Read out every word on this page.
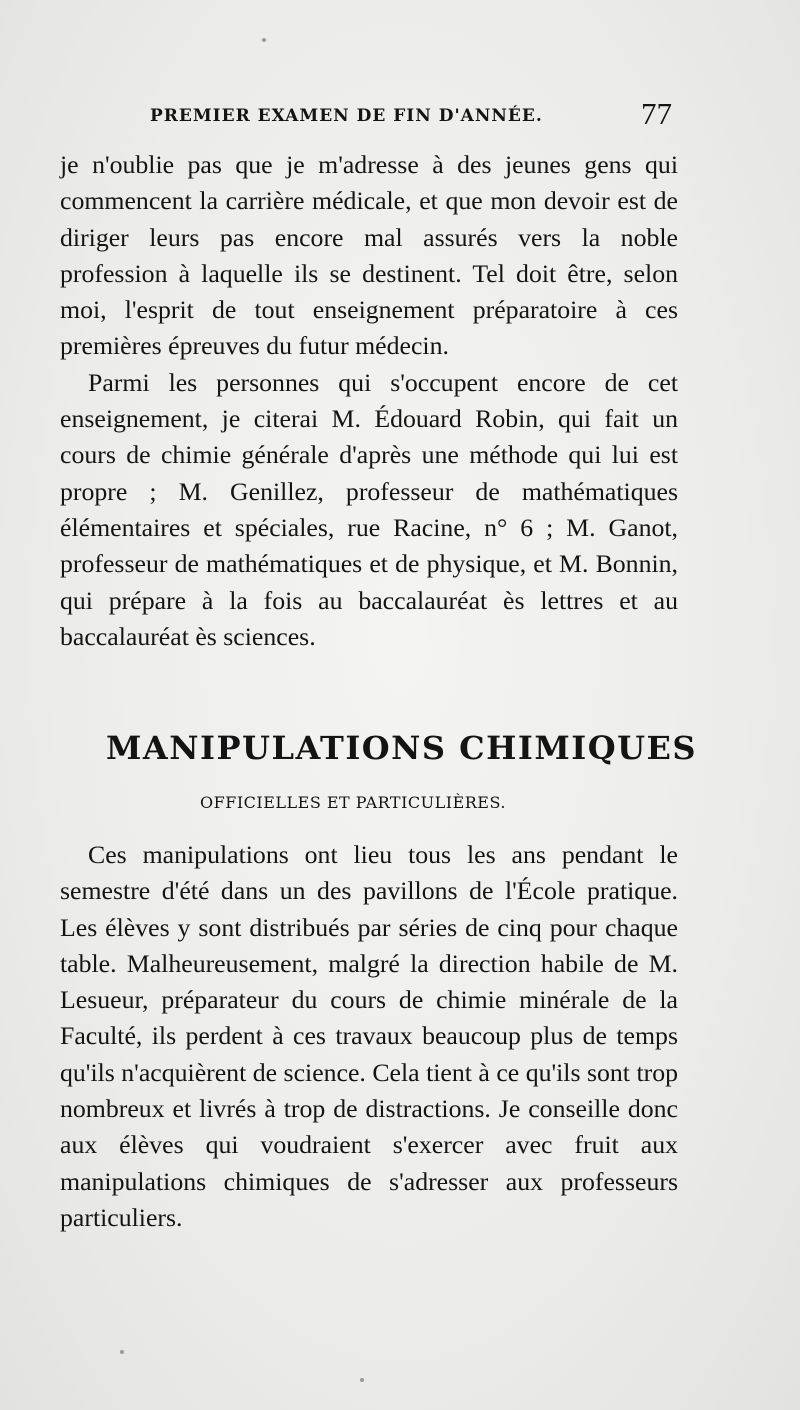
PREMIER EXAMEN DE FIN D'ANNÉE.	77

je n'oublie pas que je m'adresse à des jeunes gens qui commencent la carrière médicale, et que mon devoir est de diriger leurs pas encore mal assurés vers la noble profession à laquelle ils se destinent. Tel doit être, selon moi, l'esprit de tout enseignement préparatoire à ces premières épreuves du futur médecin.

Parmi les personnes qui s'occupent encore de cet enseignement, je citerai M. Édouard Robin, qui fait un cours de chimie générale d'après une méthode qui lui est propre ; M. Genillez, professeur de mathématiques élémentaires et spéciales, rue Racine, n° 6 ; M. Ganot, professeur de mathématiques et de physique, et M. Bonnin, qui prépare à la fois au baccalauréat ès lettres et au baccalauréat ès sciences.

MANIPULATIONS CHIMIQUES
OFFICIELLES ET PARTICULIÈRES.

Ces manipulations ont lieu tous les ans pendant le semestre d'été dans un des pavillons de l'École pratique. Les élèves y sont distribués par séries de cinq pour chaque table. Malheureusement, malgré la direction habile de M. Lesueur, préparateur du cours de chimie minérale de la Faculté, ils perdent à ces travaux beaucoup plus de temps qu'ils n'acquièrent de science. Cela tient à ce qu'ils sont trop nombreux et livrés à trop de distractions. Je conseille donc aux élèves qui voudraient s'exercer avec fruit aux manipulations chimiques de s'adresser aux professeurs particuliers.
